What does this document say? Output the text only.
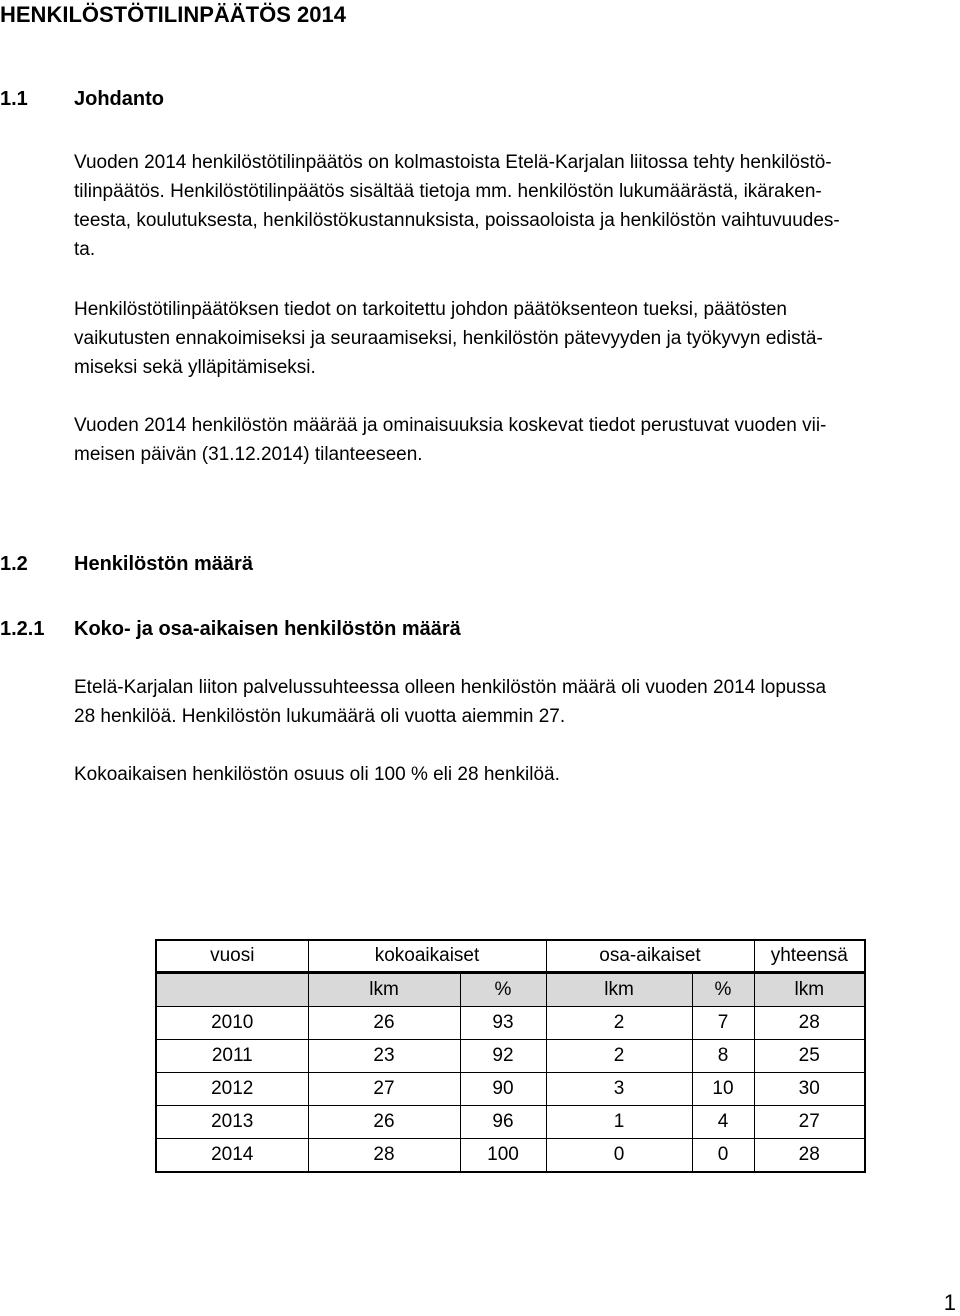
HENKILÖSTÖTILINPÄÄTÖS 2014
1.1 Johdanto
Vuoden 2014 henkilöstötilinpäätös on kolmastoista Etelä-Karjalan liitossa tehty henkilöstö-
tilinpäätös. Henkilöstötilinpäätös sisältää tietoja mm. henkilöstön lukumäärästä, ikäraken-
teesta, koulutuksesta, henkilöstökustannuksista, poissaoloista ja henkilöstön vaihtuvuudes-
ta.
Henkilöstötilinpäätöksen tiedot on tarkoitettu johdon päätöksenteon tueksi, päätösten
vaikutusten ennakoimiseksi ja seuraamiseksi, henkilöstön pätevyyden ja työkyvyn edistä-
miseksi sekä ylläpitämiseksi.
Vuoden 2014 henkilöstön määrää ja ominaisuuksia koskevat tiedot perustuvat vuoden vii-
meisen päivän (31.12.2014) tilanteeseen.
1.2 Henkilöstön määrä
1.2.1 Koko- ja osa-aikaisen henkilöstön määrä
Etelä-Karjalan liiton palvelussuhteessa olleen henkilöstön määrä oli vuoden 2014 lopussa
28 henkilöä. Henkilöstön lukumäärä oli vuotta aiemmin 27.
Kokoaikaisen henkilöstön osuus oli 100 % eli 28 henkilöä.
vuosi	kokoaikaiset		osa-aikaiset		yhteensä
	lkm	%	lkm	%	lkm
2010	26	93	2	7	28
2011	23	92	2	8	25
2012	27	90	3	10	30
2013	26	96	1	4	27
2014	28	100	0	0	28
1
